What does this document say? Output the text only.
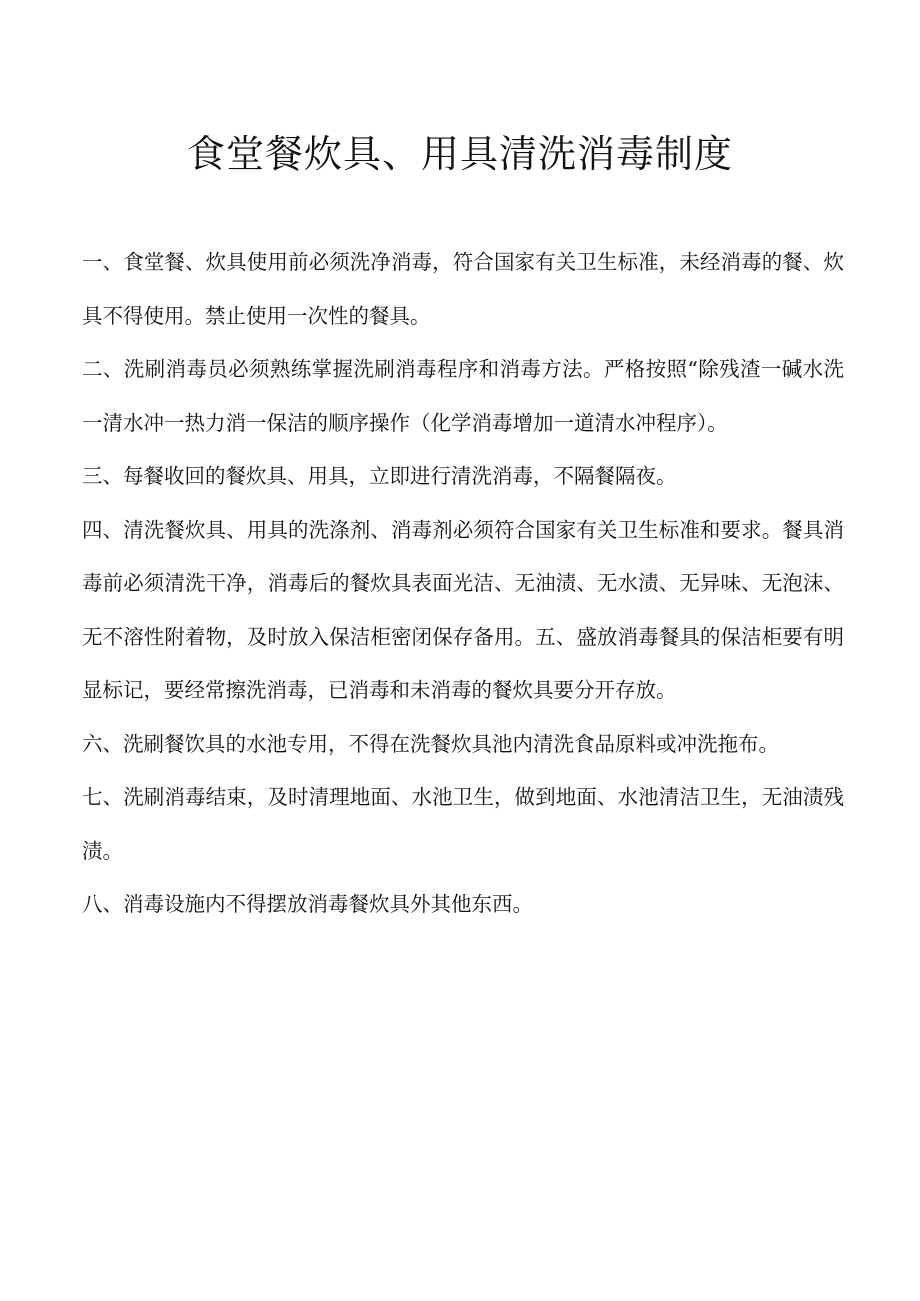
食堂餐炊具、用具清洗消毒制度

一、食堂餐、炊具使用前必须洗净消毒，符合国家有关卫生标准，未经消毒的餐、炊具不得使用。禁止使用一次性的餐具。

二、洗刷消毒员必须熟练掌握洗刷消毒程序和消毒方法。严格按照“除残渣一碱水洗一清水冲一热力消一保洁的顺序操作（化学消毒增加一道清水冲程序）。

三、每餐收回的餐炊具、用具，立即进行清洗消毒，不隔餐隔夜。

四、清洗餐炊具、用具的洗涤剂、消毒剂必须符合国家有关卫生标准和要求。餐具消毒前必须清洗干净，消毒后的餐炊具表面光洁、无油渍、无水渍、无异味、无泡沫、无不溶性附着物，及时放入保洁柜密闭保存备用。五、盛放消毒餐具的保洁柜要有明显标记，要经常擦洗消毒，已消毒和未消毒的餐炊具要分开存放。

六、洗刷餐饮具的水池专用，不得在洗餐炊具池内清洗食品原料或冲洗拖布。

七、洗刷消毒结束，及时清理地面、水池卫生，做到地面、水池清洁卫生，无油渍残渍。

八、消毒设施内不得摆放消毒餐炊具外其他东西。
